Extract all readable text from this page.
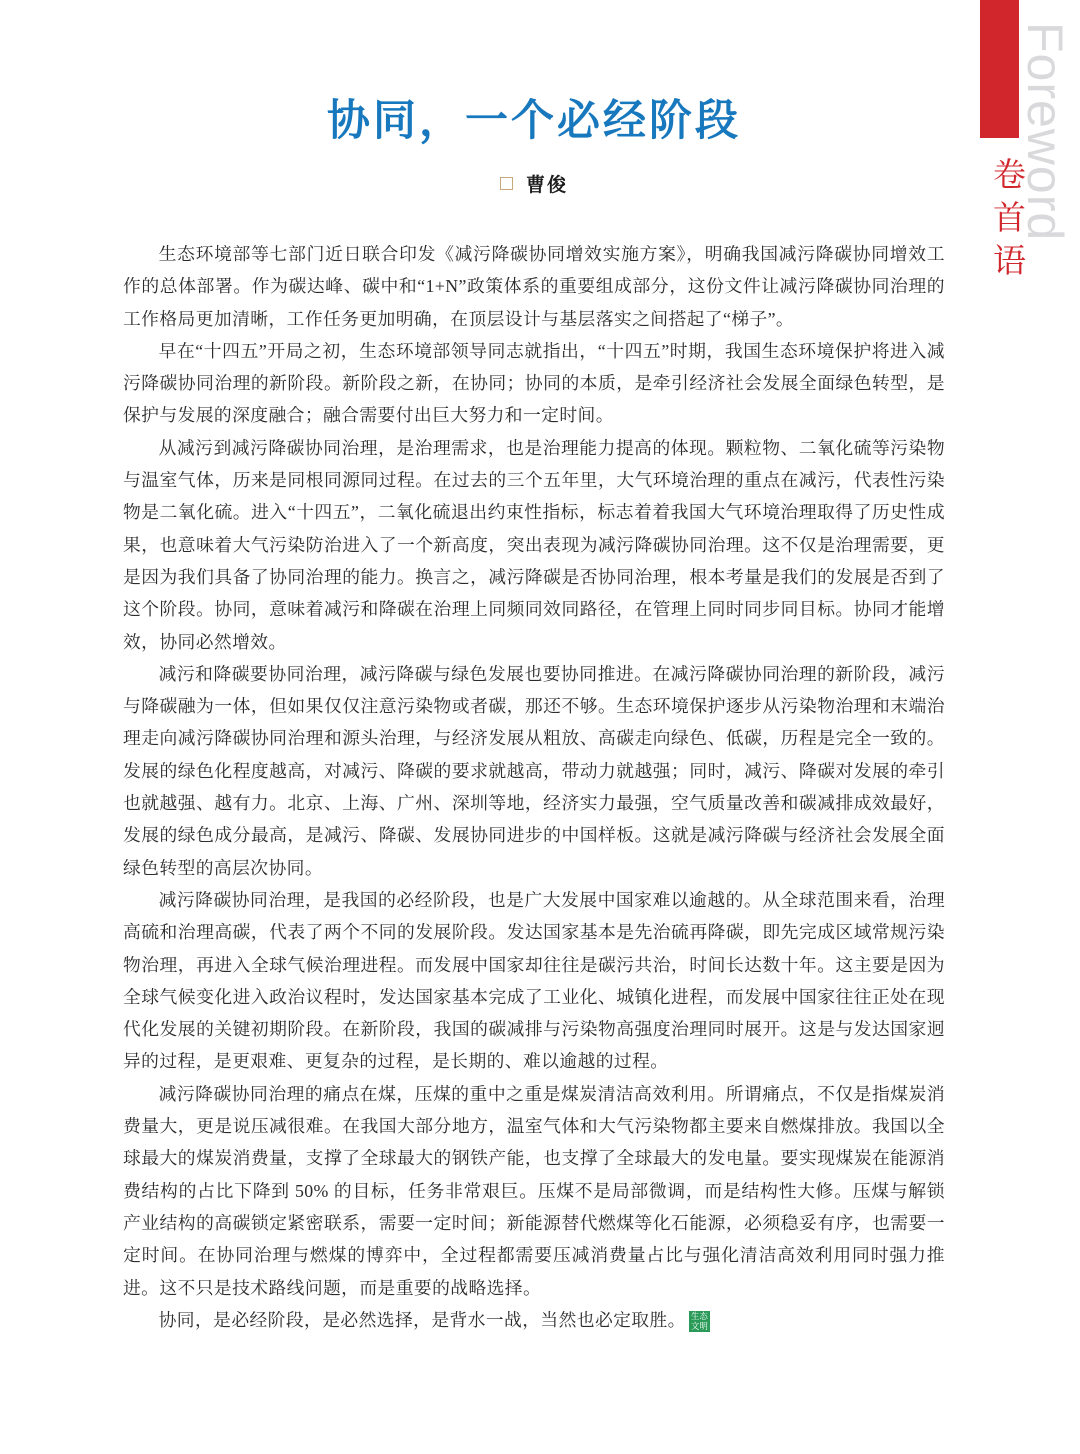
Foreword
卷首语
协同，一个必经阶段
曹俊

生态环境部等七部门近日联合印发《减污降碳协同增效实施方案》，明确我国减污降碳协同增效工作的总体部署。作为碳达峰、碳中和“1+N”政策体系的重要组成部分，这份文件让减污降碳协同治理的工作格局更加清晰，工作任务更加明确，在顶层设计与基层落实之间搭起了“梯子”。

早在“十四五”开局之初，生态环境部领导同志就指出，“十四五”时期，我国生态环境保护将进入减污降碳协同治理的新阶段。新阶段之新，在协同；协同的本质，是牵引经济社会发展全面绿色转型，是保护与发展的深度融合；融合需要付出巨大努力和一定时间。

从减污到减污降碳协同治理，是治理需求，也是治理能力提高的体现。颗粒物、二氧化硫等污染物与温室气体，历来是同根同源同过程。在过去的三个五年里，大气环境治理的重点在减污，代表性污染物是二氧化硫。进入“十四五”，二氧化硫退出约束性指标，标志着着我国大气环境治理取得了历史性成果，也意味着大气污染防治进入了一个新高度，突出表现为减污降碳协同治理。这不仅是治理需要，更是因为我们具备了协同治理的能力。换言之，减污降碳是否协同治理，根本考量是我们的发展是否到了这个阶段。协同，意味着减污和降碳在治理上同频同效同路径，在管理上同时同步同目标。协同才能增效，协同必然增效。

减污和降碳要协同治理，减污降碳与绿色发展也要协同推进。在减污降碳协同治理的新阶段，减污与降碳融为一体，但如果仅仅注意污染物或者碳，那还不够。生态环境保护逐步从污染物治理和末端治理走向减污降碳协同治理和源头治理，与经济发展从粗放、高碳走向绿色、低碳，历程是完全一致的。发展的绿色化程度越高，对减污、降碳的要求就越高，带动力就越强；同时，减污、降碳对发展的牵引也就越强、越有力。北京、上海、广州、深圳等地，经济实力最强，空气质量改善和碳减排成效最好，发展的绿色成分最高，是减污、降碳、发展协同进步的中国样板。这就是减污降碳与经济社会发展全面绿色转型的高层次协同。

减污降碳协同治理，是我国的必经阶段，也是广大发展中国家难以逾越的。从全球范围来看，治理高硫和治理高碳，代表了两个不同的发展阶段。发达国家基本是先治硫再降碳，即先完成区域常规污染物治理，再进入全球气候治理进程。而发展中国家却往往是碳污共治，时间长达数十年。这主要是因为全球气候变化进入政治议程时，发达国家基本完成了工业化、城镇化进程，而发展中国家往往正处在现代化发展的关键初期阶段。在新阶段，我国的碳减排与污染物高强度治理同时展开。这是与发达国家迥异的过程，是更艰难、更复杂的过程，是长期的、难以逾越的过程。

减污降碳协同治理的痛点在煤，压煤的重中之重是煤炭清洁高效利用。所谓痛点，不仅是指煤炭消费量大，更是说压减很难。在我国大部分地方，温室气体和大气污染物都主要来自燃煤排放。我国以全球最大的煤炭消费量，支撑了全球最大的钢铁产能，也支撑了全球最大的发电量。要实现煤炭在能源消费结构的占比下降到 50% 的目标，任务非常艰巨。压煤不是局部微调，而是结构性大修。压煤与解锁产业结构的高碳锁定紧密联系，需要一定时间；新能源替代燃煤等化石能源，必须稳妥有序，也需要一定时间。在协同治理与燃煤的博弈中，全过程都需要压减消费量占比与强化清洁高效利用同时强力推进。这不只是技术路线问题，而是重要的战略选择。

协同，是必经阶段，是必然选择，是背水一战，当然也必定取胜。 生态
文明
